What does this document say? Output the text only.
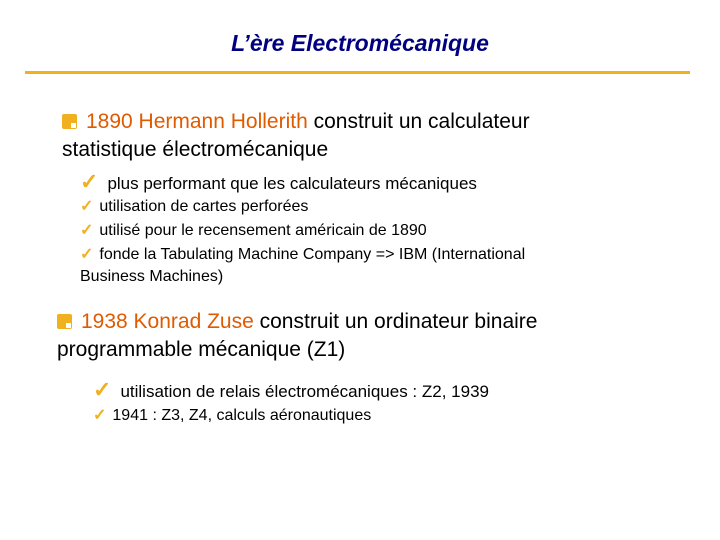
L’ère Electromécanique
1890 Hermann Hollerith construit un calculateur
statistique électromécanique
✓ plus performant que les calculateurs mécaniques
✓ utilisation de cartes perforées
✓ utilisé pour le recensement américain de 1890
✓ fonde la Tabulating Machine Company => IBM (International
Business Machines)
1938 Konrad Zuse construit un ordinateur binaire
programmable mécanique (Z1)
✓ utilisation de relais électromécaniques : Z2, 1939
✓ 1941 : Z3, Z4, calculs aéronautiques
